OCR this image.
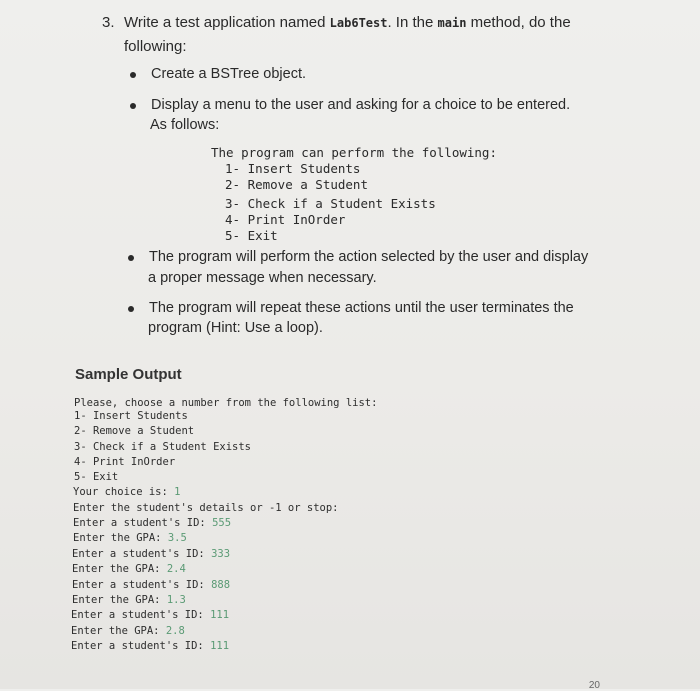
3. Write a test application named Lab6Test. In the main method, do the
following:
Create a BSTree object.
Display a menu to the user and asking for a choice to be entered.
As follows:
The program can perform the following:
1- Insert Students
2- Remove a Student
3- Check if a Student Exists
4- Print InOrder
5- Exit
The program will perform the action selected by the user and display
a proper message when necessary.
The program will repeat these actions until the user terminates the
program (Hint: Use a loop).
Sample Output
Please, choose a number from the following list:
1- Insert Students
2- Remove a Student
3- Check if a Student Exists
4- Print InOrder
5- Exit
Your choice is: 1
Enter the student's details or -1 or stop:
Enter a student's ID: 555
Enter the GPA: 3.5
Enter a student's ID: 333
Enter the GPA: 2.4
Enter a student's ID: 888
Enter the GPA: 1.3
Enter a student's ID: 111
Enter the GPA: 2.8
Enter a student's ID: 111
20
